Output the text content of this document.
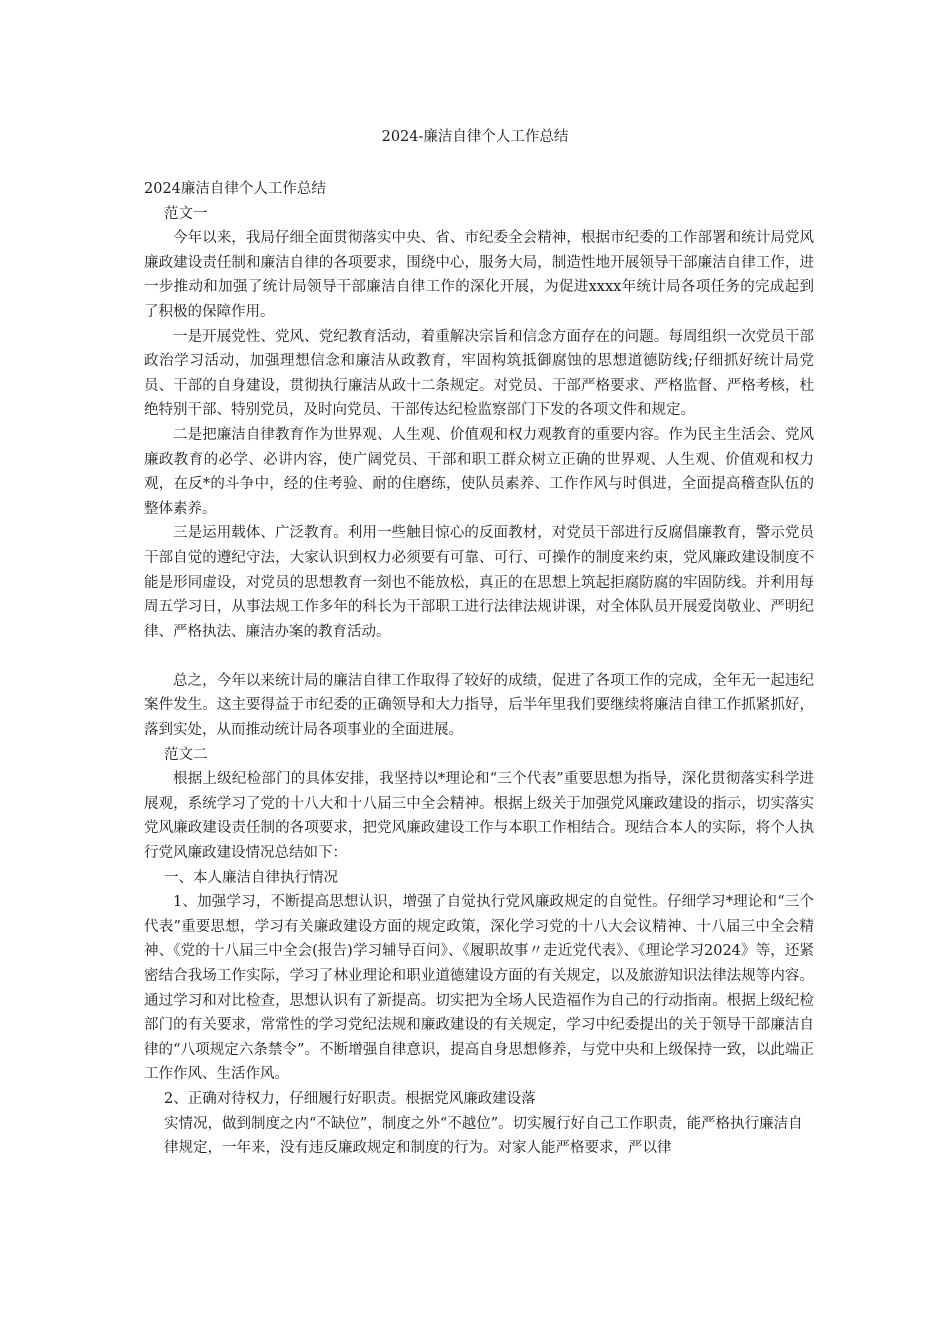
2024-廉洁自律个人工作总结

2024廉洁自律个人工作总结

范文一

今年以来，我局仔细全面贯彻落实中央、省、市纪委全会精神，根据市纪委的工作部署和统计局党风廉政建设责任制和廉洁自律的各项要求，围绕中心，服务大局，制造性地开展领导干部廉洁自律工作，进一步推动和加强了统计局领导干部廉洁自律工作的深化开展，为促进xxxx年统计局各项任务的完成起到了积极的保障作用。

一是开展党性、党风、党纪教育活动，着重解决宗旨和信念方面存在的问题。每周组织一次党员干部政治学习活动，加强理想信念和廉洁从政教育，牢固构筑抵御腐蚀的思想道德防线;仔细抓好统计局党员、干部的自身建设，贯彻执行廉洁从政十二条规定。对党员、干部严格要求、严格监督、严格考核，杜绝特别干部、特别党员，及时向党员、干部传达纪检监察部门下发的各项文件和规定。

二是把廉洁自律教育作为世界观、人生观、价值观和权力观教育的重要内容。作为民主生活会、党风廉政教育的必学、必讲内容，使广阔党员、干部和职工群众树立正确的世界观、人生观、价值观和权力观，在反*的斗争中，经的住考验、耐的住磨练，使队员素养、工作作风与时俱进，全面提高稽查队伍的整体素养。

三是运用载体、广泛教育。利用一些触目惊心的反面教材，对党员干部进行反腐倡廉教育，警示党员干部自觉的遵纪守法，大家认识到权力必须要有可靠、可行、可操作的制度来约束，党风廉政建设制度不能是形同虚设，对党员的思想教育一刻也不能放松，真正的在思想上筑起拒腐防腐的牢固防线。并利用每周五学习日，从事法规工作多年的科长为干部职工进行法律法规讲课，对全体队员开展爱岗敬业、严明纪律、严格执法、廉洁办案的教育活动。

总之，今年以来统计局的廉洁自律工作取得了较好的成绩，促进了各项工作的完成，全年无一起违纪案件发生。这主要得益于市纪委的正确领导和大力指导，后半年里我们要继续将廉洁自律工作抓紧抓好，落到实处，从而推动统计局各项事业的全面进展。

范文二

根据上级纪检部门的具体安排，我坚持以*理论和“三个代表”重要思想为指导，深化贯彻落实科学进展观，系统学习了党的十八大和十八届三中全会精神。根据上级关于加强党风廉政建设的指示，切实落实党风廉政建设责任制的各项要求，把党风廉政建设工作与本职工作相结合。现结合本人的实际，将个人执行党风廉政建设情况总结如下：

一、本人廉洁自律执行情况

1、加强学习，不断提高思想认识，增强了自觉执行党风廉政规定的自觉性。仔细学习*理论和“三个代表”重要思想，学习有关廉政建设方面的规定政策，深化学习党的十八大会议精神、十八届三中全会精神、《党的十八届三中全会(报告)学习辅导百问》、《履职故事〃走近党代表》、《理论学习2024》等，还紧密结合我场工作实际，学习了林业理论和职业道德建设方面的有关规定，以及旅游知识法律法规等内容。通过学习和对比检查，思想认识有了新提高。切实把为全场人民造福作为自己的行动指南。根据上级纪检部门的有关要求，常常性的学习党纪法规和廉政建设的有关规定，学习中纪委提出的关于领导干部廉洁自律的“八项规定六条禁令”。不断增强自律意识，提高自身思想修养，与党中央和上级保持一致，以此端正工作作风、生活作风。

2、正确对待权力，仔细履行好职责。根据党风廉政建设落

实情况，做到制度之内“不缺位”，制度之外“不越位”。切实履行好自己工作职责，能严格执行廉洁自律规定，一年来，没有违反廉政规定和制度的行为。对家人能严格要求，严以律
